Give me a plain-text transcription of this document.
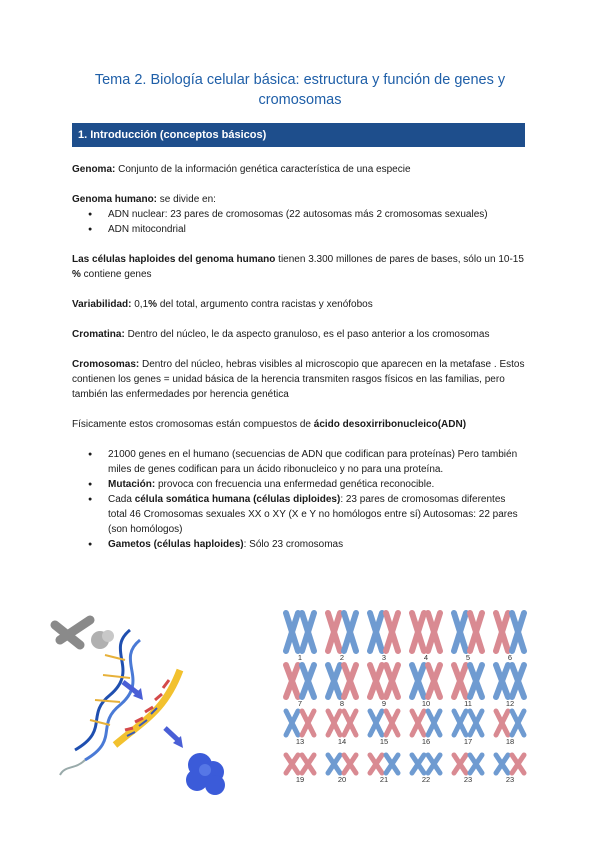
Tema 2. Biología celular básica: estructura y función de genes y cromosomas
1. Introducción (conceptos básicos)

Genoma: Conjunto de la información genética característica de una especie

Genoma humano: se divide en:

● ADN nuclear: 23 pares de cromosomas (22 autosomas más 2 cromosomas sexuales)
● ADN mitocondrial

Las células haploides del genoma humano tienen 3.300 millones de pares de bases, sólo un 10-15 % contiene genes

Variabilidad: 0,1% del total, argumento contra racistas y xenófobos

Cromatina: Dentro del núcleo, le da aspecto granuloso, es el paso anterior a los cromosomas

Cromosomas: Dentro del núcleo, hebras visibles al microscopio que aparecen en la metafase . Estos contienen los genes = unidad básica de la herencia transmiten rasgos físicos en las familias, pero también las enfermedades por herencia genética

Físicamente estos cromosomas están compuestos de ácido desoxirribonucleico(ADN)

● 21000 genes en el humano (secuencias de ADN que codifican para proteínas) Pero también miles de genes codifican para un ácido ribonucleico y no para una proteína.
● Mutación: provoca con frecuencia una enfermedad genética reconocible.
● Cada célula somática humana (células diploides): 23 pares de cromosomas diferentes total 46 Cromosomas sexuales XX o XY (X e Y no homólogos entre sí) Autosomas: 22 pares (son homólogos)
● Gametos (células haploides): Sólo 23 cromosomas
1	2	3	4	5	6
7	8	9	10	11	12
13	14	15	16	17	18
19	20	21	22	23	23
